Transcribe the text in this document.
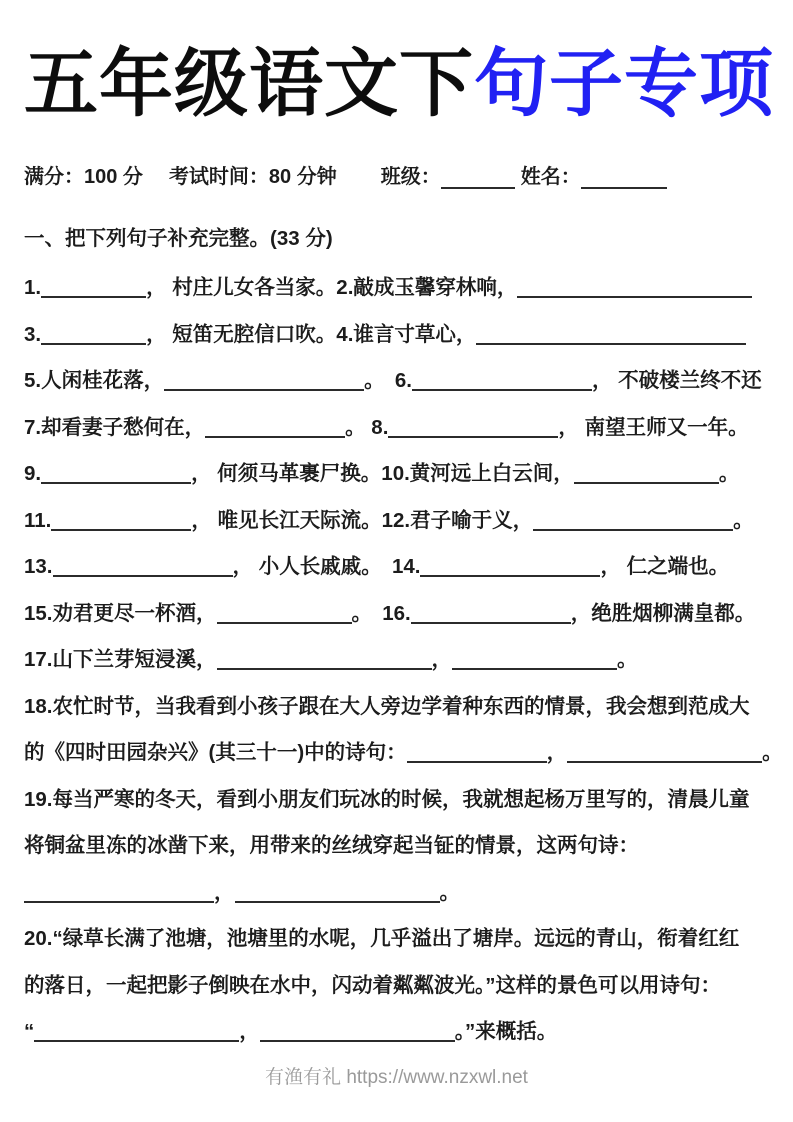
五年级语文下句子专项
满分：100 分 考试时间：80 分钟 班级：	姓名：
一、把下列句子补充完整。(33 分)
1.	， 村庄儿女各当家。2.敲成玉馨穿林响，
3.	， 短笛无腔信口吹。4.谁言寸草心，
5.人闲桂花落，	。　6.	， 不破楼兰终不还
7.却看妻子愁何在，	。 8.	， 南望王师又一年。
9.	， 何须马革裹尸换。10.黄河远上白云间，	。
11.	， 唯见长江天际流。12.君子喻于义，	。
13.	， 小人长戚戚。　14.	， 仁之端也。
15.劝君更尽一杯酒，	。　16.	，绝胜烟柳满皇都。
17.山下兰芽短浸溪，	，	。
18.农忙时节，当我看到小孩子跟在大人旁边学着种东西的情景，我会想到范成大
的《四时田园杂兴》(其三十一)中的诗句：	，	。
19.每当严寒的冬天，看到小朋友们玩冰的时候，我就想起杨万里写的，清晨儿童
将铜盆里冻的冰凿下来，用带来的丝绒穿起当钲的情景，这两句诗：
，	。
20.“绿草长满了池塘，池塘里的水呢，几乎溢出了塘岸。远远的青山，衔着红红
的落日，一起把影子倒映在水中，闪动着粼粼波光。”这样的景色可以用诗句：
“	，	。”来概括。
有渔有礼 https://www.nzxwl.net
